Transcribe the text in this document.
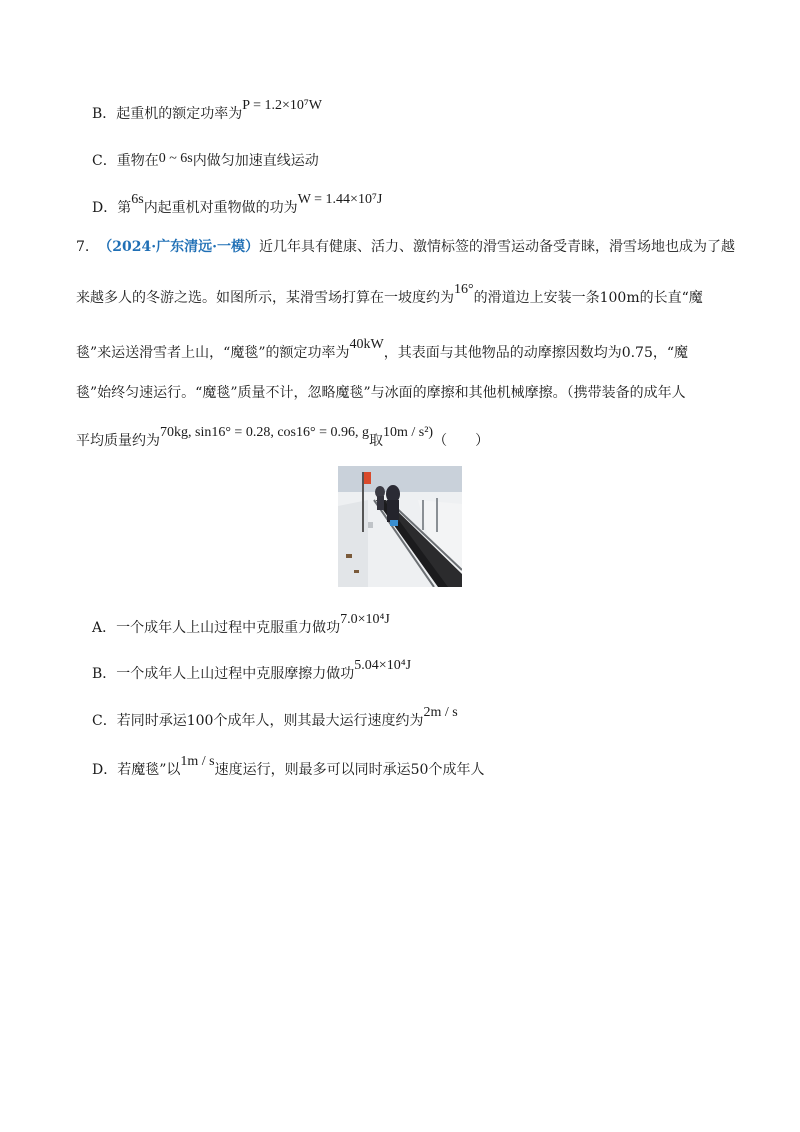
B．起重机的额定功率为P = 1.2×10⁷W
C．重物在0 ~ 6s内做匀加速直线运动
D．第6s内起重机对重物做的功为W = 1.44×10⁷J
7. （2024·广东清远·一模）近几年具有健康、活力、激情标签的滑雪运动备受青睐，滑雪场地也成为了越
来越多人的冬游之选。如图所示，某滑雪场打算在一坡度约为16°的滑道边上安装一条100m的长直“魔
毯”来运送滑雪者上山，“魔毯”的额定功率为40kW，其表面与其他物品的动摩擦因数均为0.75，“魔
毯”始终匀速运行。“魔毯”质量不计，忽略魔毯”与冰面的摩擦和其他机械摩擦。（携带装备的成年人
平均质量约为70kg, sin16° = 0.28, cos16° = 0.96, g取10m / s²)（　　）
A．一个成年人上山过程中克服重力做功7.0×10⁴J
B．一个成年人上山过程中克服摩擦力做功5.04×10⁴J
C．若同时承运100个成年人，则其最大运行速度约为2m / s
D．若魔毯”以1m / s速度运行，则最多可以同时承运50个成年人
